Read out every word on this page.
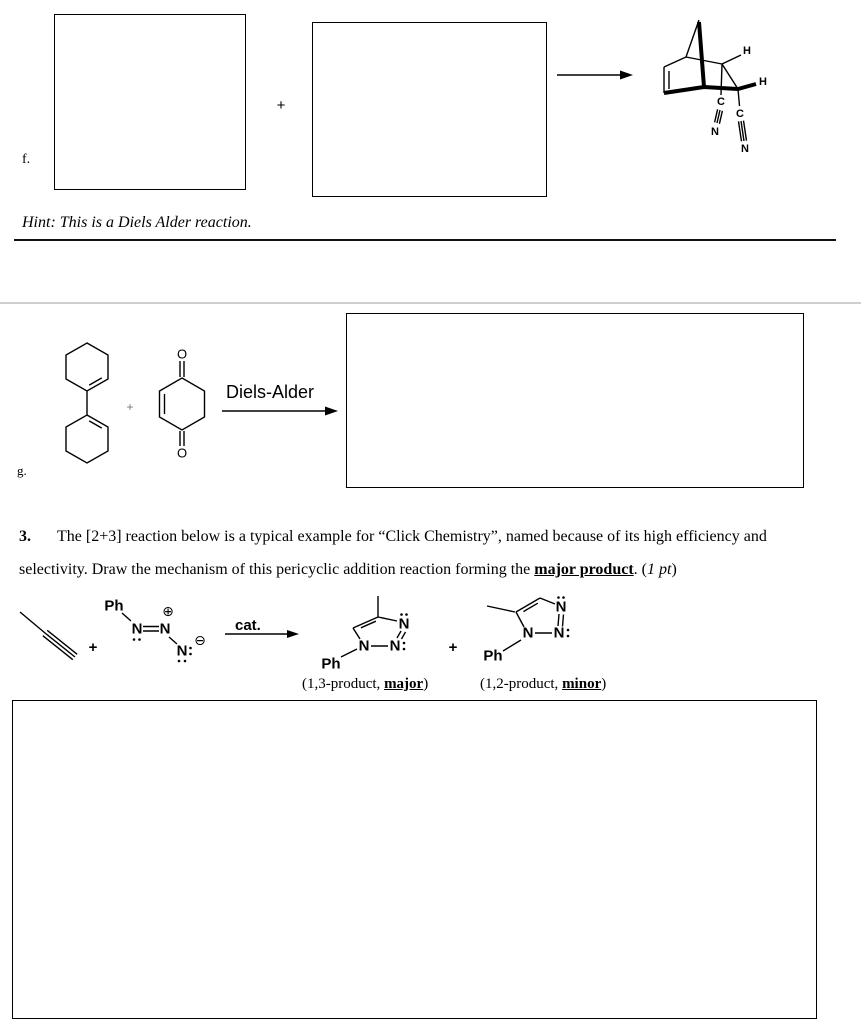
H
H
C
N
C
N
O
O
Ph
N N
N
⊕
⊖
N
N
N
Ph
N
N
N
Ph
f.
+
Hint: This is a Diels Alder reaction.
+
Diels-Alder
g.
3. The [2+3] reaction below is a typical example for “Click Chemistry”, named because of its high efficiency and
selectivity. Draw the mechanism of this pericyclic addition reaction forming the major product. (1 pt)
+
cat.
+
(1,3-product, major)	(1,2-product, minor)
